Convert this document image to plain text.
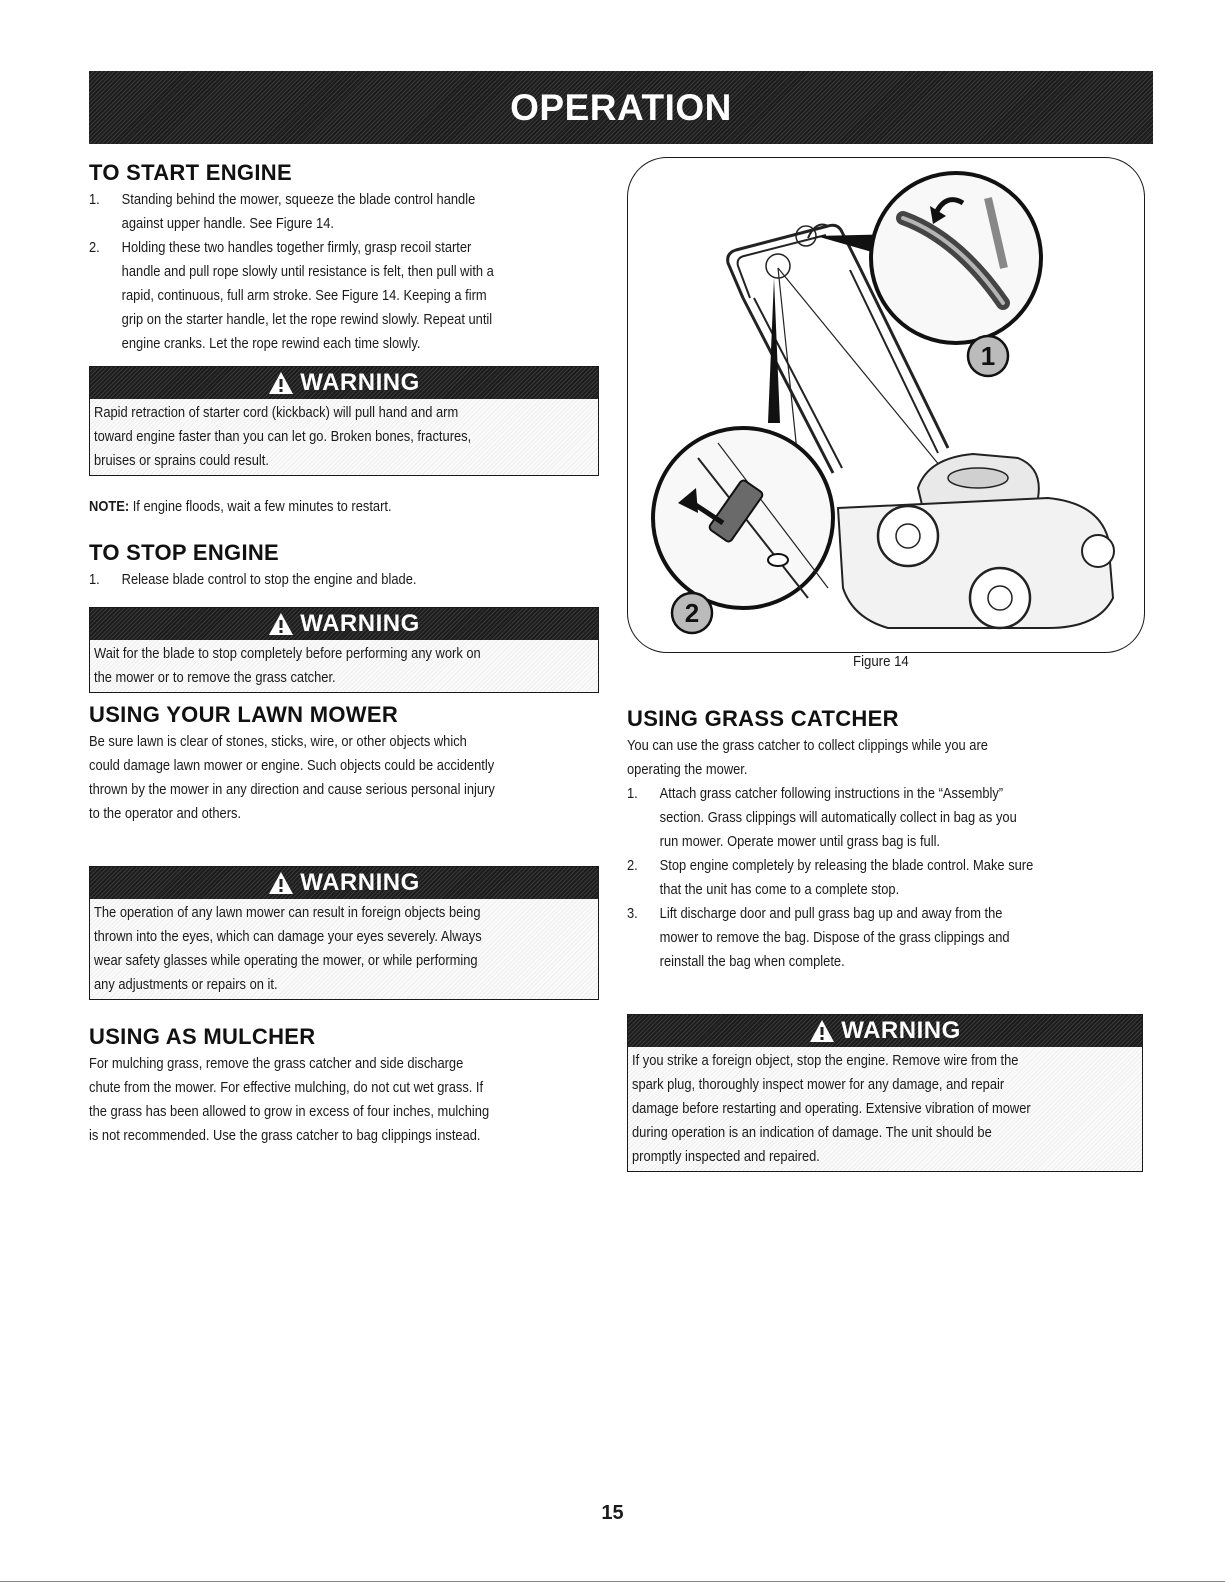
OPERATION
TO START ENGINE
1. Standing behind the mower, squeeze the blade control handle
against upper handle. See Figure 14.
2. Holding these two handles together firmly, grasp recoil starter
handle and pull rope slowly until resistance is felt, then pull with a
rapid, continuous, full arm stroke. See Figure 14. Keeping a firm
grip on the starter handle, let the rope rewind slowly. Repeat until
engine cranks. Let the rope rewind each time slowly.
WARNING
Rapid retraction of starter cord (kickback) will pull hand and arm
toward engine faster than you can let go. Broken bones, fractures,
bruises or sprains could result.

NOTE: If engine floods, wait a few minutes to restart.

TO STOP ENGINE
1. Release blade control to stop the engine and blade.
WARNING
Wait for the blade to stop completely before performing any work on
the mower or to remove the grass catcher.
1
2
Figure 14
USING YOUR LAWN MOWER

Be sure lawn is clear of stones, sticks, wire, or other objects which
could damage lawn mower or engine. Such objects could be accidently
thrown by the mower in any direction and cause serious personal injury
to the operator and others.

WARNING
The operation of any lawn mower can result in foreign objects being
thrown into the eyes, which can damage your eyes severely. Always
wear safety glasses while operating the mower, or while performing
any adjustments or repairs on it.
USING AS MULCHER

For mulching grass, remove the grass catcher and side discharge
chute from the mower. For effective mulching, do not cut wet grass. If
the grass has been allowed to grow in excess of four inches, mulching
is not recommended. Use the grass catcher to bag clippings instead.

USING GRASS CATCHER

You can use the grass catcher to collect clippings while you are
operating the mower.

1. Attach grass catcher following instructions in the “Assembly”
section. Grass clippings will automatically collect in bag as you
run mower. Operate mower until grass bag is full.
2. Stop engine completely by releasing the blade control. Make sure
that the unit has come to a complete stop.
3. Lift discharge door and pull grass bag up and away from the
mower to remove the bag. Dispose of the grass clippings and
reinstall the bag when complete.
WARNING
If you strike a foreign object, stop the engine. Remove wire from the
spark plug, thoroughly inspect mower for any damage, and repair
damage before restarting and operating. Extensive vibration of mower
during operation is an indication of damage. The unit should be
promptly inspected and repaired.
15
